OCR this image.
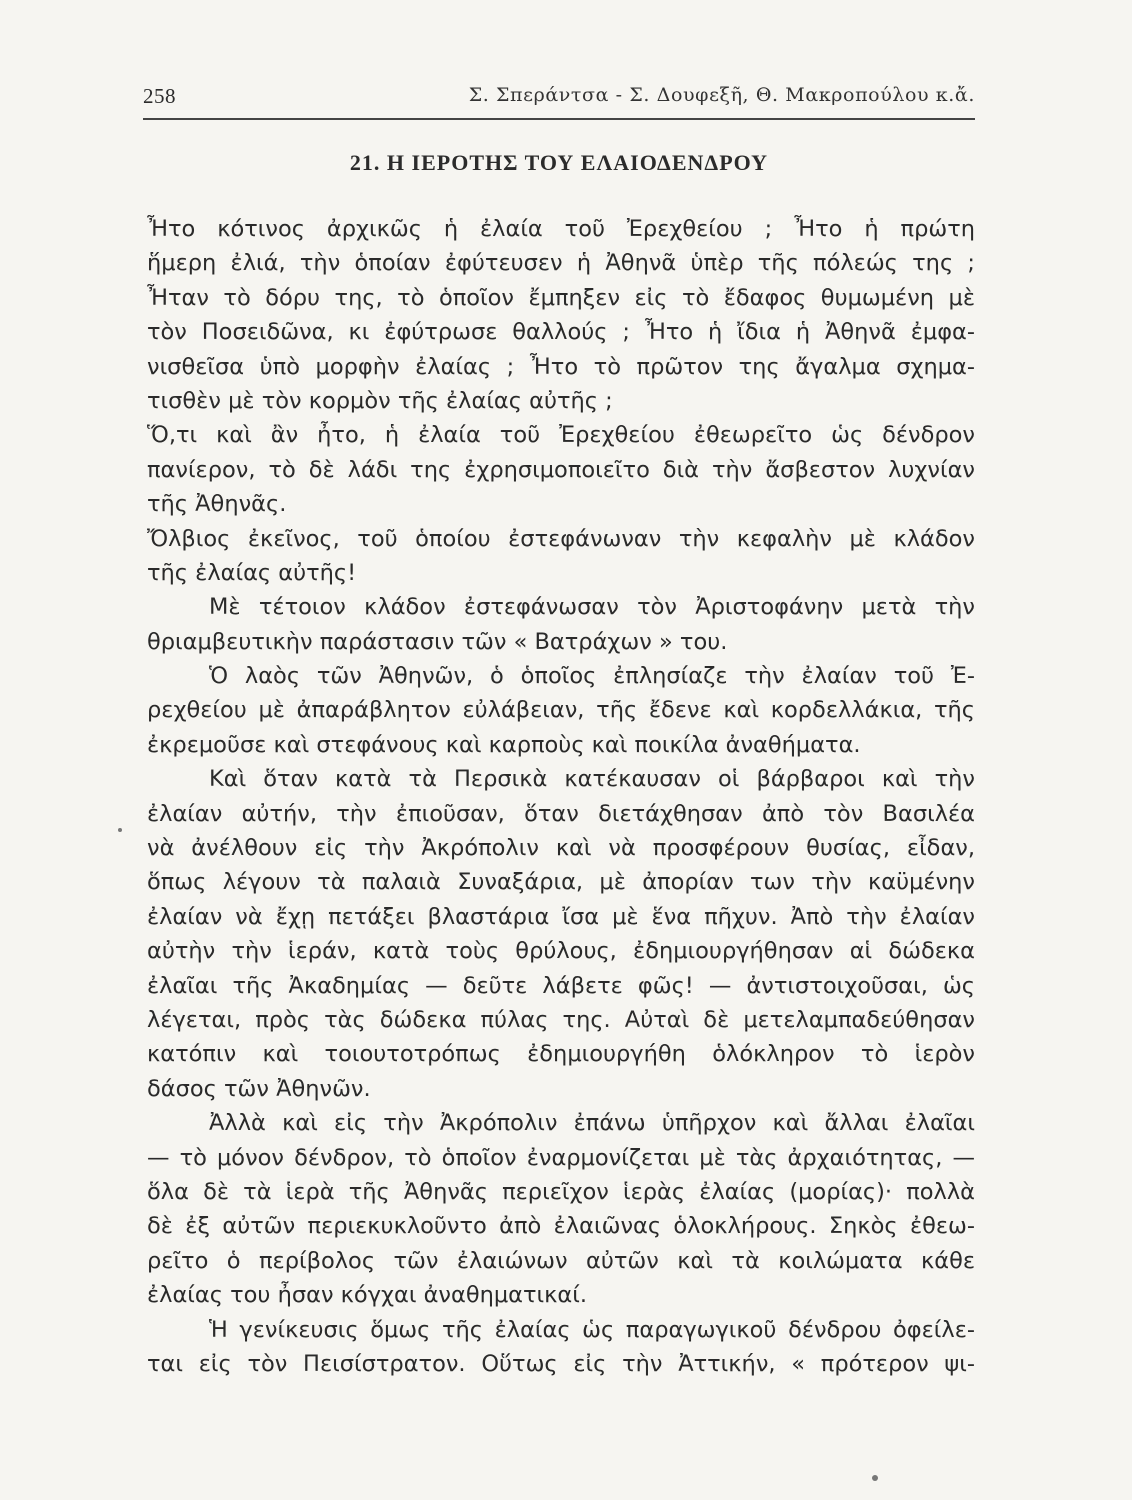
258	Σ. Σπεράντσα - Σ. Δουφεξῆ, Θ. Μακροπούλου κ.ἄ.
21. Η ΙΕΡΟΤΗΣ ΤΟΥ ΕΛΑΙΟΔΕΝΔΡΟΥ
Ἦτο κότινος ἀρχικῶς ἡ ἐλαία τοῦ Ἐρεχθείου ; Ἦτο ἡ πρώτη
ἥμερη ἐλιά, τὴν ὁποίαν ἐφύτευσεν ἡ Ἀθηνᾶ ὑπὲρ τῆς πόλεώς της ;
Ἦταν τὸ δόρυ της, τὸ ὁποῖον ἔμπηξεν εἰς τὸ ἔδαφος θυμωμένη μὲ
τὸν Ποσειδῶνα, κι ἐφύτρωσε θαλλούς ; Ἦτο ἡ ἴδια ἡ Ἀθηνᾶ ἐμφα-
νισθεῖσα ὑπὸ μορφὴν ἐλαίας ; Ἦτο τὸ πρῶτον της ἄγαλμα σχημα-
τισθὲν μὲ τὸν κορμὸν τῆς ἐλαίας αὐτῆς ;
Ὅ,τι καὶ ἂν ἦτο, ἡ ἐλαία τοῦ Ἐρεχθείου ἐθεωρεῖτο ὡς δένδρον
πανίερον, τὸ δὲ λάδι της ἐχρησιμοποιεῖτο διὰ τὴν ἄσβεστον λυχνίαν
τῆς Ἀθηνᾶς.
Ὄλβιος ἐκεῖνος, τοῦ ὁποίου ἐστεφάνωναν τὴν κεφαλὴν μὲ κλάδον
τῆς ἐλαίας αὐτῆς!
Μὲ τέτοιον κλάδον ἐστεφάνωσαν τὸν Ἀριστοφάνην μετὰ τὴν
θριαμβευτικὴν παράστασιν τῶν « Βατράχων » του.
Ὁ λαὸς τῶν Ἀθηνῶν, ὁ ὁποῖος ἐπλησίαζε τὴν ἐλαίαν τοῦ Ἐ-
ρεχθείου μὲ ἀπαράβλητον εὐλάβειαν, τῆς ἔδενε καὶ κορδελλάκια, τῆς
ἐκρεμοῦσε καὶ στεφάνους καὶ καρποὺς καὶ ποικίλα ἀναθήματα.
Καὶ ὅταν κατὰ τὰ Περσικὰ κατέκαυσαν οἱ βάρβαροι καὶ τὴν
ἐλαίαν αὐτήν, τὴν ἐπιοῦσαν, ὅταν διετάχθησαν ἀπὸ τὸν Βασιλέα
νὰ ἀνέλθουν εἰς τὴν Ἀκρόπολιν καὶ νὰ προσφέρουν θυσίας, εἶδαν,
ὅπως λέγουν τὰ παλαιὰ Συναξάρια, μὲ ἀπορίαν των τὴν καϋμένην
ἐλαίαν νὰ ἔχῃ πετάξει βλαστάρια ἴσα μὲ ἕνα πῆχυν. Ἀπὸ τὴν ἐλαίαν
αὐτὴν τὴν ἱεράν, κατὰ τοὺς θρύλους, ἐδημιουργήθησαν αἱ δώδεκα
ἐλαῖαι τῆς Ἀκαδημίας — δεῦτε λάβετε φῶς! — ἀντιστοιχοῦσαι, ὡς
λέγεται, πρὸς τὰς δώδεκα πύλας της. Αὐταὶ δὲ μετελαμπαδεύθησαν
κατόπιν καὶ τοιουτοτρόπως ἐδημιουργήθη ὁλόκληρον τὸ ἱερὸν
δάσος τῶν Ἀθηνῶν.
Ἀλλὰ καὶ εἰς τὴν Ἀκρόπολιν ἐπάνω ὑπῆρχον καὶ ἄλλαι ἐλαῖαι
— τὸ μόνον δένδρον, τὸ ὁποῖον ἐναρμονίζεται μὲ τὰς ἀρχαιότητας, —
ὅλα δὲ τὰ ἱερὰ τῆς Ἀθηνᾶς περιεῖχον ἱερὰς ἐλαίας (μορίας)· πολλὰ
δὲ ἐξ αὐτῶν περιεκυκλοῦντο ἀπὸ ἐλαιῶνας ὁλοκλήρους. Σηκὸς ἐθεω-
ρεῖτο ὁ περίβολος τῶν ἐλαιώνων αὐτῶν καὶ τὰ κοιλώματα κάθε
ἐλαίας του ἦσαν κόγχαι ἀναθηματικαί.
Ἡ γενίκευσις ὅμως τῆς ἐλαίας ὡς παραγωγικοῦ δένδρου ὀφείλε-
ται εἰς τὸν Πεισίστρατον. Οὕτως εἰς τὴν Ἀττικήν, « πρότερον ψι-
